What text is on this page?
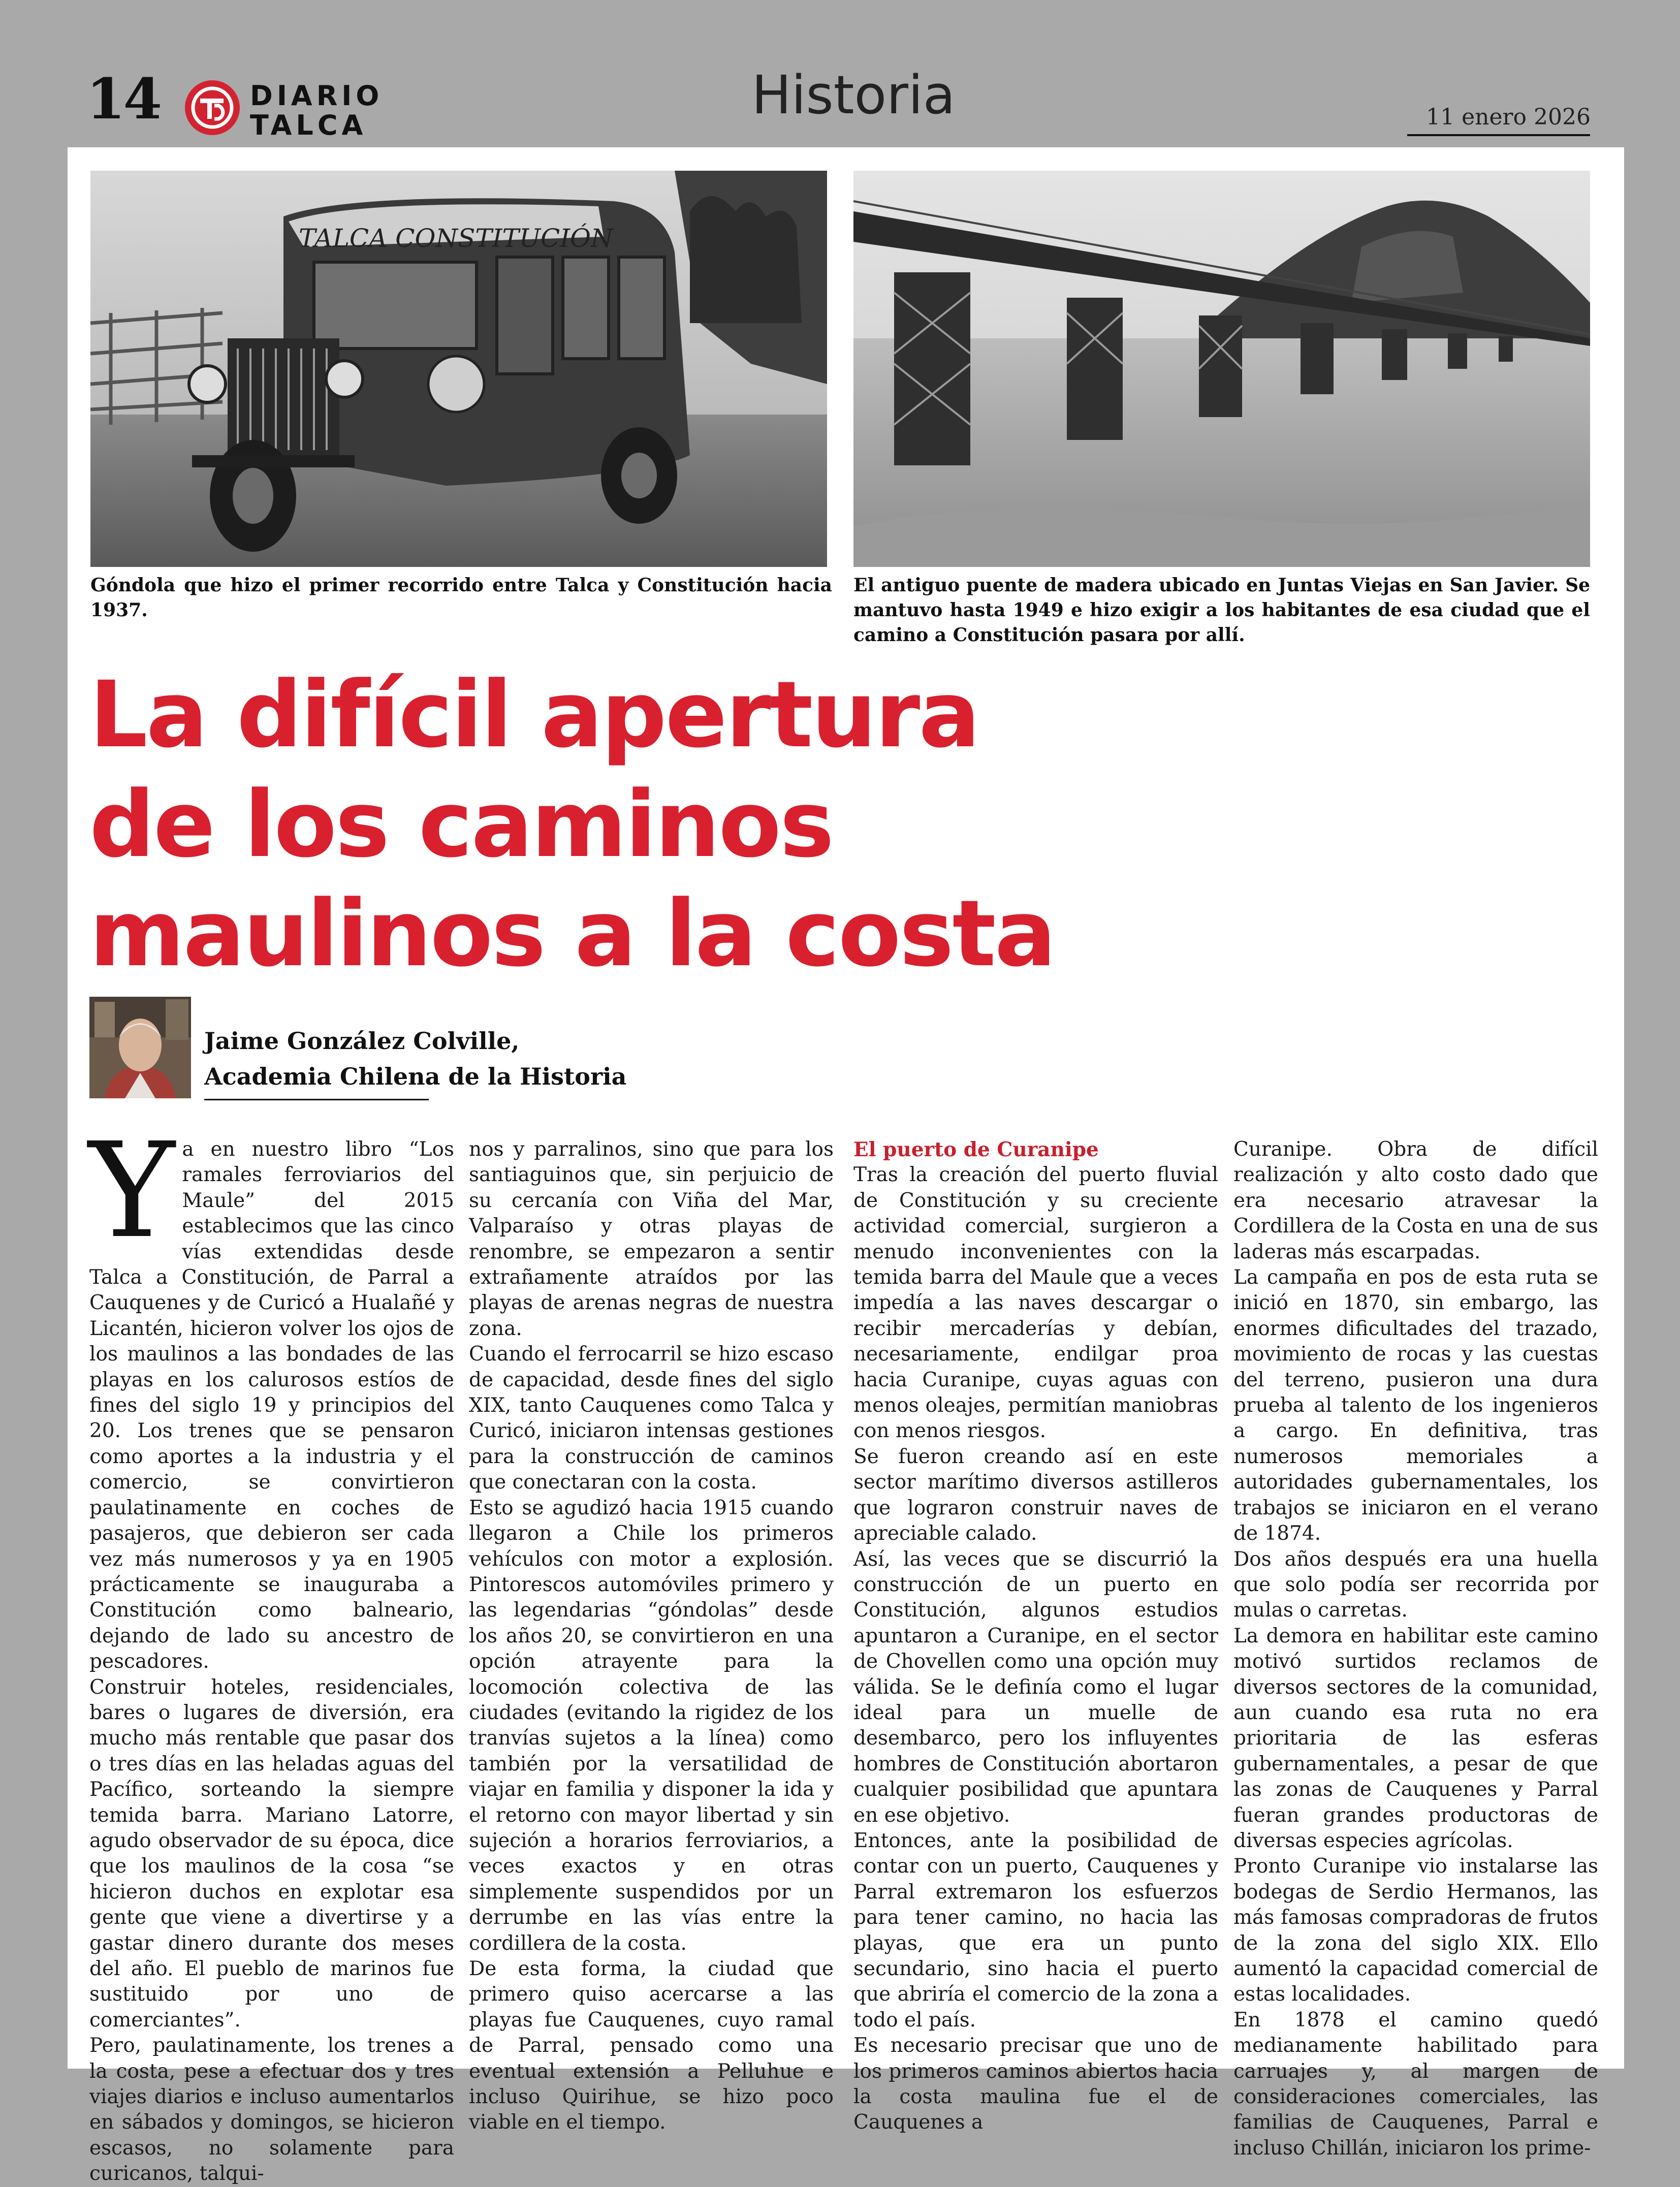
14	DIARIO
TALCA	Historia	11 enero 2026
TALCA CONSTITUCIÓN
Góndola que hizo el primer recorrido entre Talca y Constitución hacia 1937.
El antiguo puente de madera ubicado en Juntas Viejas en San Javier. Se mantuvo hasta 1949 e hizo exigir a los habitantes de esa ciudad que el camino a Constitución pasara por allí.
La difícil apertura
de los caminos
maulinos a la costa
Jaime González Colville,
Academia Chilena de la Historia
Y a en nuestro libro “Los ramales ferroviarios del Maule” del 2015 establecimos que las cinco vías extendidas desde Talca a Constitución, de Parral a Cauquenes y de Curicó a Hualañé y Licantén, hicieron volver los ojos de los maulinos a las bondades de las playas en los calurosos estíos de fines del siglo 19 y principios del 20. Los trenes que se pensaron como aportes a la industria y el comercio, se convirtieron paulatinamente en coches de pasajeros, que debieron ser cada vez más numerosos y ya en 1905 prácticamente se inauguraba a Constitución como balneario, dejando de lado su ancestro de pescadores.

Construir hoteles, residenciales, bares o lugares de diversión, era mucho más rentable que pasar dos o tres días en las heladas aguas del Pacífico, sorteando la siempre temida barra. Mariano Latorre, agudo observador de su época, dice que los maulinos de la cosa “se hicieron duchos en explotar esa gente que viene a divertirse y a gastar dinero durante dos meses del año. El pueblo de marinos fue sustituido por uno de comerciantes”.

Pero, paulatinamente, los trenes a la costa, pese a efectuar dos y tres viajes diarios e incluso aumentarlos en sábados y domingos, se hicieron escasos, no solamente para curicanos, talqui-

nos y parralinos, sino que para los santiaguinos que, sin perjuicio de su cercanía con Viña del Mar, Valparaíso y otras playas de renombre, se empezaron a sentir extrañamente atraídos por las playas de arenas negras de nuestra zona.

Cuando el ferrocarril se hizo escaso de capacidad, desde fines del siglo XIX, tanto Cauquenes como Talca y Curicó, iniciaron intensas gestiones para la construcción de caminos que conectaran con la costa.

Esto se agudizó hacia 1915 cuando llegaron a Chile los primeros vehículos con motor a explosión. Pintorescos automóviles primero y las legendarias “góndolas” desde los años 20, se convirtieron en una opción atrayente para la locomoción colectiva de las ciudades (evitando la rigidez de los tranvías sujetos a la línea) como también por la versatilidad de viajar en familia y disponer la ida y el retorno con mayor libertad y sin sujeción a horarios ferroviarios, a veces exactos y en otras simplemente suspendidos por un derrumbe en las vías entre la cordillera de la costa.

De esta forma, la ciudad que primero quiso acercarse a las playas fue Cauquenes, cuyo ramal de Parral, pensado como una eventual extensión a Pelluhue e incluso Quirihue, se hizo poco viable en el tiempo.

El puerto de Curanipe

Tras la creación del puerto fluvial de Constitución y su creciente actividad comercial, surgieron a menudo inconvenientes con la temida barra del Maule que a veces impedía a las naves descargar o recibir mercaderías y debían, necesariamente, endilgar proa hacia Curanipe, cuyas aguas con menos oleajes, permitían maniobras con menos riesgos.

Se fueron creando así en este sector marítimo diversos astilleros que lograron construir naves de apreciable calado.

Así, las veces que se discurrió la construcción de un puerto en Constitución, algunos estudios apuntaron a Curanipe, en el sector de Chovellen como una opción muy válida. Se le definía como el lugar ideal para un muelle de desembarco, pero los influyentes hombres de Constitución abortaron cualquier posibilidad que apuntara en ese objetivo.

Entonces, ante la posibilidad de contar con un puerto, Cauquenes y Parral extremaron los esfuerzos para tener camino, no hacia las playas, que era un punto secundario, sino hacia el puerto que abriría el comercio de la zona a todo el país.

Es necesario precisar que uno de los primeros caminos abiertos hacia la costa maulina fue el de Cauquenes a

Curanipe. Obra de difícil realización y alto costo dado que era necesario atravesar la Cordillera de la Costa en una de sus laderas más escarpadas.

La campaña en pos de esta ruta se inició en 1870, sin embargo, las enormes dificultades del trazado, movimiento de rocas y las cuestas del terreno, pusieron una dura prueba al talento de los ingenieros a cargo. En definitiva, tras numerosos memoriales a autoridades gubernamentales, los trabajos se iniciaron en el verano de 1874.

Dos años después era una huella que solo podía ser recorrida por mulas o carretas.

La demora en habilitar este camino motivó surtidos reclamos de diversos sectores de la comunidad, aun cuando esa ruta no era prioritaria de las esferas gubernamentales, a pesar de que las zonas de Cauquenes y Parral fueran grandes productoras de diversas especies agrícolas.

Pronto Curanipe vio instalarse las bodegas de Serdio Hermanos, las más famosas compradoras de frutos de la zona del siglo XIX. Ello aumentó la capacidad comercial de estas localidades.

En 1878 el camino quedó medianamente habilitado para carruajes y, al margen de consideraciones comerciales, las familias de Cauquenes, Parral e incluso Chillán, iniciaron los prime-
